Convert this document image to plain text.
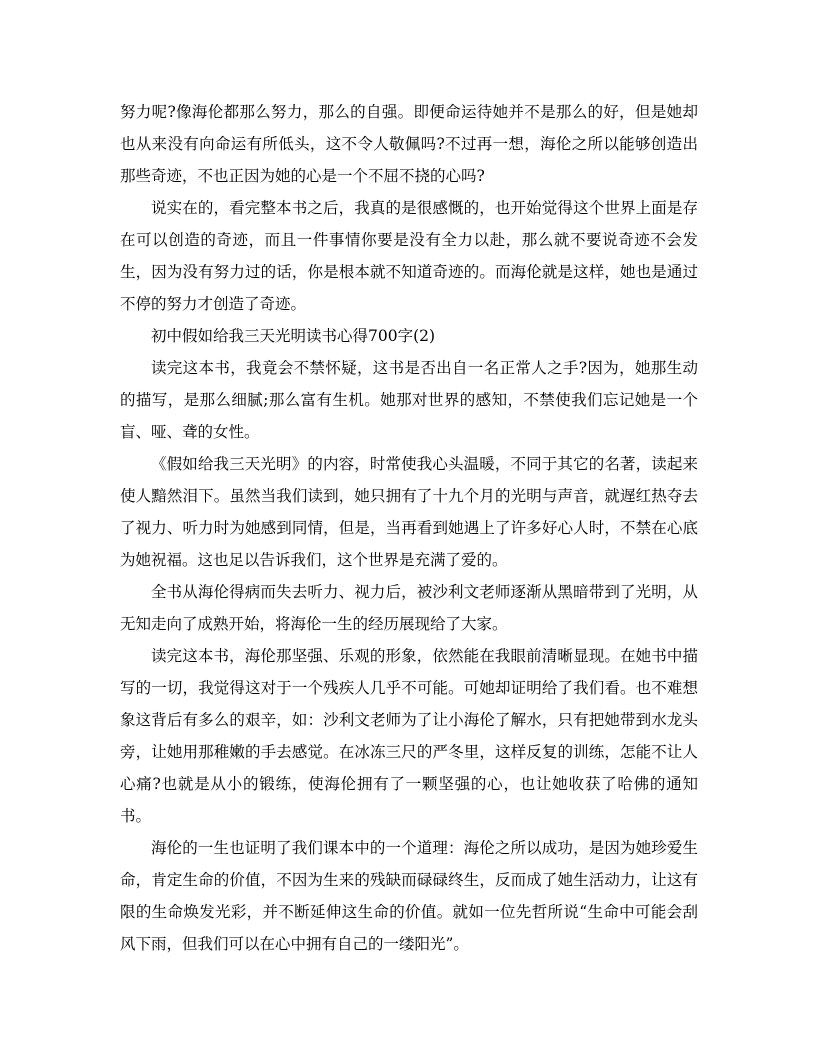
努力呢?像海伦都那么努力，那么的自强。即便命运待她并不是那么的好，但是她却也从来没有向命运有所低头，这不令人敬佩吗?不过再一想，海伦之所以能够创造出那些奇迹，不也正因为她的心是一个不屈不挠的心吗?

说实在的，看完整本书之后，我真的是很感慨的，也开始觉得这个世界上面是存在可以创造的奇迹，而且一件事情你要是没有全力以赴，那么就不要说奇迹不会发生，因为没有努力过的话，你是根本就不知道奇迹的。而海伦就是这样，她也是通过不停的努力才创造了奇迹。

初中假如给我三天光明读书心得700字(2)

读完这本书，我竟会不禁怀疑，这书是否出自一名正常人之手?因为，她那生动的描写，是那么细腻;那么富有生机。她那对世界的感知，不禁使我们忘记她是一个盲、哑、聋的女性。

《假如给我三天光明》的内容，时常使我心头温暖，不同于其它的名著，读起来使人黯然泪下。虽然当我们读到，她只拥有了十九个月的光明与声音，就遅红热夺去了视力、听力时为她感到同情，但是，当再看到她遇上了许多好心人时，不禁在心底为她祝福。这也足以告诉我们，这个世界是充满了爱的。

全书从海伦得病而失去听力、视力后，被沙利文老师逐渐从黑暗带到了光明，从无知走向了成熟开始，将海伦一生的经历展现给了大家。

读完这本书，海伦那坚强、乐观的形象，依然能在我眼前清晰显现。在她书中描写的一切，我觉得这对于一个残疾人几乎不可能。可她却证明给了我们看。也不难想象这背后有多么的艰辛，如：沙利文老师为了让小海伦了解水，只有把她带到水龙头旁，让她用那稚嫩的手去感觉。在冰冻三尺的严冬里，这样反复的训练，怎能不让人心痛?也就是从小的锻练，使海伦拥有了一颗坚强的心，也让她收获了哈佛的通知书。

海伦的一生也证明了我们课本中的一个道理：海伦之所以成功，是因为她珍爱生命，肯定生命的价值，不因为生来的残缺而碌碌终生，反而成了她生活动力，让这有限的生命焕发光彩，并不断延伸这生命的价值。就如一位先哲所说“生命中可能会刮风下雨，但我们可以在心中拥有自己的一缕阳光”。
